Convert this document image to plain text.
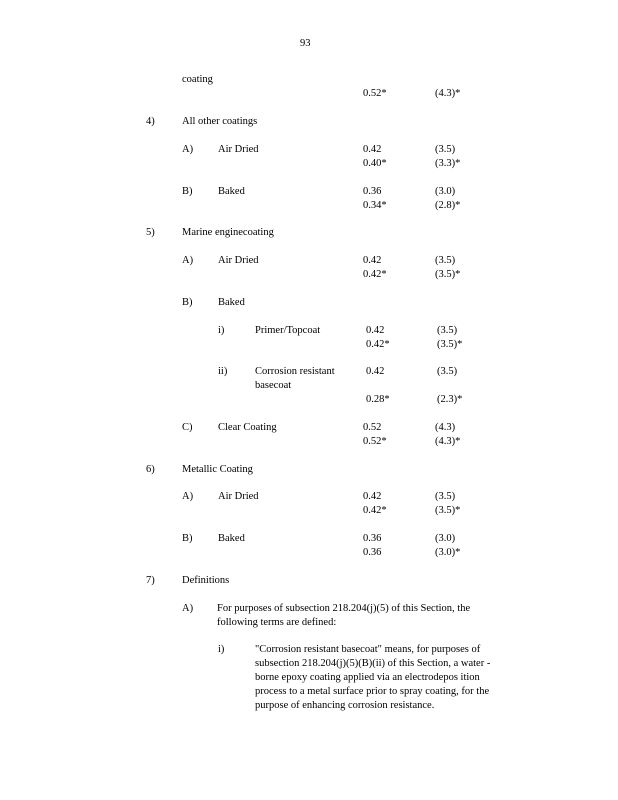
93
coating
0.52*	(4.3)*
4)	All other coatings
A) Air Dried	0.42	(3.5)
0.40*	(3.3)*
B) Baked	0.36	(3.0)
0.34*	(2.8)*
5)	Marine enginecoating
A) Air Dried	0.42	(3.5)
0.42*	(3.5)*
B) Baked
i)	Primer/Topcoat	0.42	(3.5)
0.42*	(3.5)*
ii)	Corrosion resistant
basecoat
0.42	(3.5)
0.28*	(2.3)*
C) Clear Coating	0.52	(4.3)
0.52*	(4.3)*
6)	Metallic Coating
A) Air Dried	0.42	(3.5)
0.42*	(3.5)*
B) Baked	0.36	(3.0)
0.36	(3.0)*
7)	Definitions
A) For purposes of subsection 218.204(j)(5) of this Section, the
following terms are defined:
i)	"Corrosion resistant basecoat" means, for purposes of
subsection 218.204(j)(5)(B)(ii) of this Section, a water -
borne epoxy coating applied via an electrodepos ition
process to a metal surface prior to spray coating, for the
purpose of enhancing corrosion resistance.
